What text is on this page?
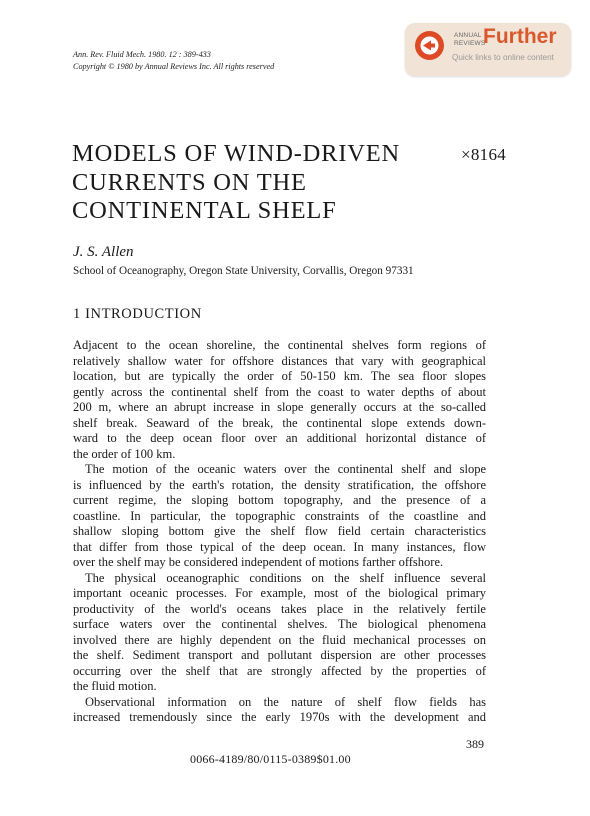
Ann. Rev. Fluid Mech. 1980. 12 : 389-433
Copyright © 1980 by Annual Reviews Inc. All rights reserved
ANNUAL
REVIEWS
Further
Quick links to online content
MODELS OF WIND-DRIVEN
CURRENTS ON THE
CONTINENTAL SHELF
×8164
J. S. Allen
School of Oceanography, Oregon State University, Corvallis, Oregon 97331
1 INTRODUCTION

Adjacent to the ocean shoreline, the continental shelves form regions of
relatively shallow water for offshore distances that vary with geographical
location, but are typically the order of 50-150 km. The sea floor slopes
gently across the continental shelf from the coast to water depths of about
200 m, where an abrupt increase in slope generally occurs at the so-called
shelf break. Seaward of the break, the continental slope extends down-
ward to the deep ocean floor over an additional horizontal distance of
the order of 100 km.

The motion of the oceanic waters over the continental shelf and slope
is influenced by the earth's rotation, the density stratification, the offshore
current regime, the sloping bottom topography, and the presence of a
coastline. In particular, the topographic constraints of the coastline and
shallow sloping bottom give the shelf flow field certain characteristics
that differ from those typical of the deep ocean. In many instances, flow
over the shelf may be considered independent of motions farther offshore.

The physical oceanographic conditions on the shelf influence several
important oceanic processes. For example, most of the biological primary
productivity of the world's oceans takes place in the relatively fertile
surface waters over the continental shelves. The biological phenomena
involved there are highly dependent on the fluid mechanical processes on
the shelf. Sediment transport and pollutant dispersion are other processes
occurring over the shelf that are strongly affected by the properties of
the fluid motion.

Observational information on the nature of shelf flow fields has
increased tremendously since the early 1970s with the development and

389
0066-4189/80/0115-0389$01.00
